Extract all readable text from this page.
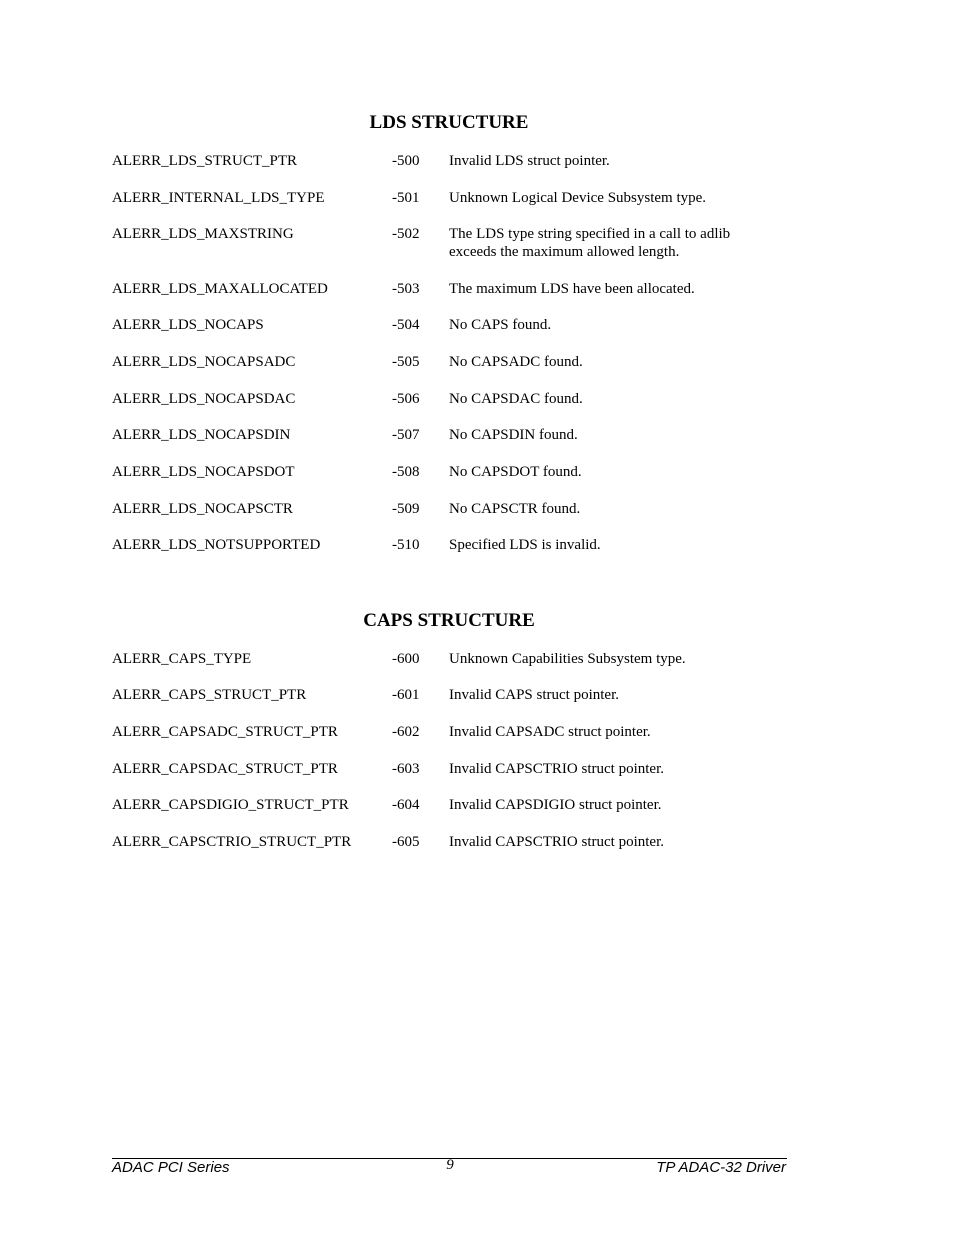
LDS STRUCTURE
ALERR_LDS_STRUCT_PTR	-500 Invalid LDS struct pointer.
ALERR_INTERNAL_LDS_TYPE	-501 Unknown Logical Device Subsystem type.
ALERR_LDS_MAXSTRING	-502 The LDS type string specified in a call to adlib exceeds the maximum allowed length.
ALERR_LDS_MAXALLOCATED	-503 The maximum LDS have been allocated.
ALERR_LDS_NOCAPS	-504 No CAPS found.
ALERR_LDS_NOCAPSADC	-505 No CAPSADC found.
ALERR_LDS_NOCAPSDAC	-506 No CAPSDAC found.
ALERR_LDS_NOCAPSDIN	-507 No CAPSDIN found.
ALERR_LDS_NOCAPSDOT	-508 No CAPSDOT found.
ALERR_LDS_NOCAPSCTR	-509 No CAPSCTR found.
ALERR_LDS_NOTSUPPORTED	-510 Specified LDS is invalid.
CAPS STRUCTURE
ALERR_CAPS_TYPE	-600 Unknown Capabilities Subsystem type.
ALERR_CAPS_STRUCT_PTR	-601 Invalid CAPS struct pointer.
ALERR_CAPSADC_STRUCT_PTR	-602 Invalid CAPSADC struct pointer.
ALERR_CAPSDAC_STRUCT_PTR	-603 Invalid CAPSCTRIO struct pointer.
ALERR_CAPSDIGIO_STRUCT_PTR	-604 Invalid CAPSDIGIO struct pointer.
ALERR_CAPSCTRIO_STRUCT_PTR	-605 Invalid CAPSCTRIO struct pointer.
ADAC PCI Series	9	TP ADAC-32 Driver
